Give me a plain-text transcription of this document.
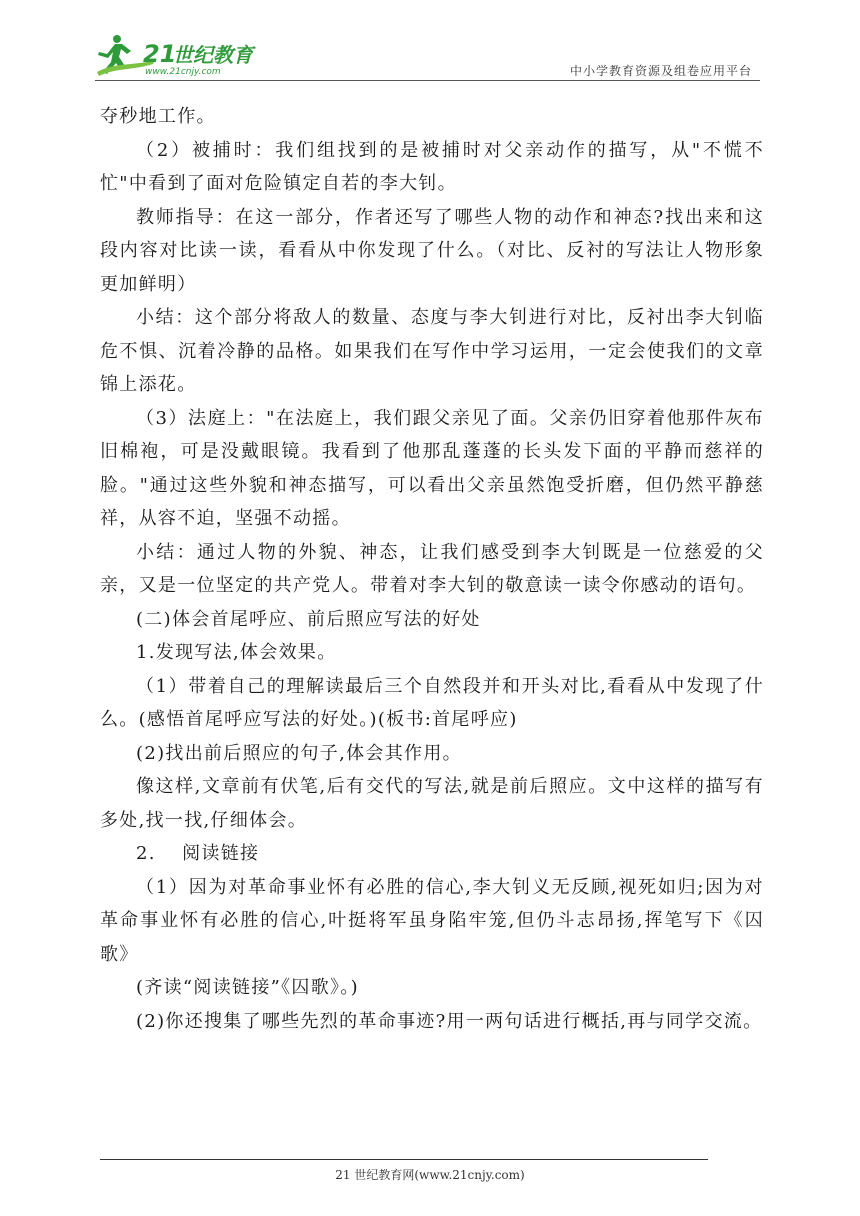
21
世纪教育
www.21cnjy.com	中小学教育资源及组卷应用平台

夺秒地工作。

（2）被捕时：我们组找到的是被捕时对父亲动作的描写，从"不慌不忙"中看到了面对危险镇定自若的李大钊。

教师指导：在这一部分，作者还写了哪些人物的动作和神态?找出来和这段内容对比读一读，看看从中你发现了什么。（对比、反衬的写法让人物形象更加鲜明）

小结：这个部分将敌人的数量、态度与李大钊进行对比，反衬出李大钊临危不惧、沉着冷静的品格。如果我们在写作中学习运用，一定会使我们的文章锦上添花。

（3）法庭上："在法庭上，我们跟父亲见了面。父亲仍旧穿着他那件灰布旧棉袍，可是没戴眼镜。我看到了他那乱蓬蓬的长头发下面的平静而慈祥的脸。"通过这些外貌和神态描写，可以看出父亲虽然饱受折磨，但仍然平静慈祥，从容不迫，坚强不动摇。

小结：通过人物的外貌、神态，让我们感受到李大钊既是一位慈爱的父亲，又是一位坚定的共产党人。带着对李大钊的敬意读一读令你感动的语句。

(二)体会首尾呼应、前后照应写法的好处

1.发现写法,体会效果。

（1）带着自己的理解读最后三个自然段并和开头对比,看看从中发现了什么。(感悟首尾呼应写法的好处。)(板书:首尾呼应)

(2)找出前后照应的句子,体会其作用。

像这样,文章前有伏笔,后有交代的写法,就是前后照应。文中这样的描写有多处,找一找,仔细体会。

2.　 阅读链接

（1）因为对革命事业怀有必胜的信心,李大钊义无反顾,视死如归;因为对革命事业怀有必胜的信心,叶挺将军虽身陷牢笼,但仍斗志昂扬,挥笔写下《囚歌》

(齐读“阅读链接”《囚歌》。)

(2)你还搜集了哪些先烈的革命事迹?用一两句话进行概括,再与同学交流。

21 世纪教育网(www.21cnjy.com)
